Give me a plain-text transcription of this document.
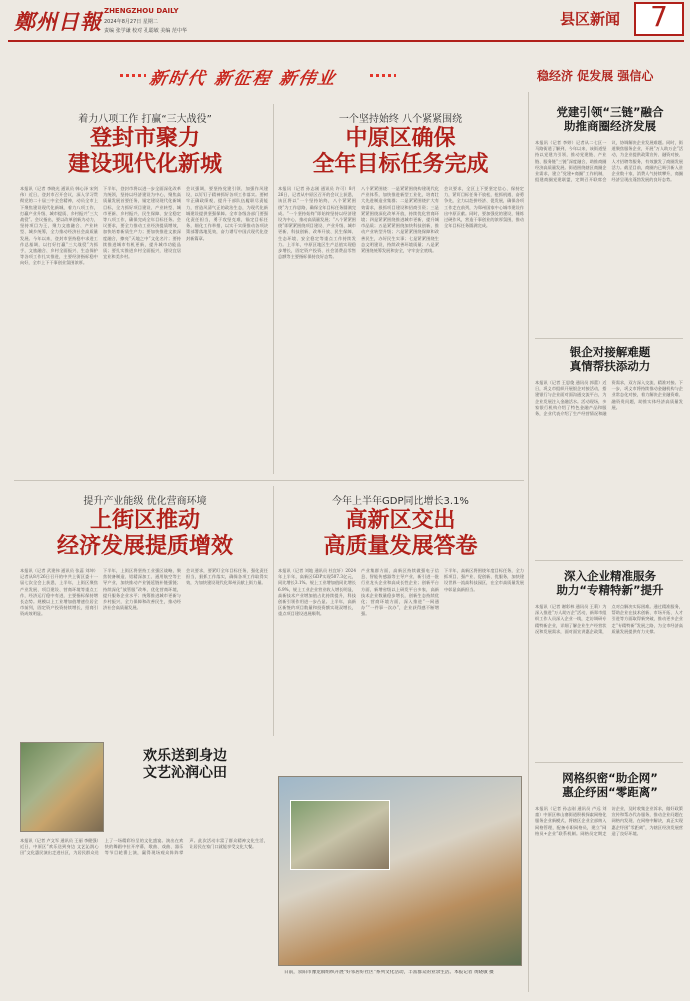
鄭州日報 ZHENGZHOU DAILY
2024年8月27日 星期二
责编 张学谦 校对 孔聪敏 美编 范中华
县区新闻	7
新时代 新征程 新伟业	稳经济 促发展 强信心
着力八项工作 打赢“三大战役”
登封市聚力
建设现代化新城
本报讯（记者 李晓光 通讯员 韩心泽 宋剑伟）近日，登封市召开会议，深入学习贯彻党的二十届三中全会精神，动员全市上下聚焦建设现代化新城，着力八项工作，打赢产业升级、城市提质、乡村振兴“三大战役”。会议指出，要以改革创新为动力，坚持项目为王，聚力文旅融合、产业转型、城乡统筹，全力推动经济社会高质量发展。今年以来，登封市坚持稳中求进工作总基调，以打好打赢“三大战役”为抓手，文旅融合、乡村全面振兴、生态保护等各项工作扎实推进，主要经济指标稳中向好，全市上下干事创业氛围浓厚。
下半年，登封市将以进一步全面深化改革为统领，坚持以经济建设为中心，聚焦高质量发展首要任务，锚定建设现代化新城目标，全力抓好项目建设、产业转型、城市更新、乡村振兴、民生保障、安全稳定等八项工作，确保完成全年目标任务。会议要求，要全力推动工业经济提质增效，加快培育新质生产力；要加快推进文旅深度融合，擦亮“天地之中”文化名片；要持续推进城市有机更新，提升城市功能品质；要扎实推进乡村全面振兴，建设宜居宜业和美乡村。
会议强调，要坚持党建引领、加强作风建设，以钉钉子精神抓好各项工作落实。要树牢正确政绩观，提升干部队伍履职尽责能力，营造风清气正的政治生态，为现代化新城建设提供坚强保障。全市各级各部门要强化责任担当，勇于攻坚克难，锚定目标任务，细化工作举措，以实干实绩推动各项决策部署落地见效，奋力谱写中国式现代化登封新篇章。
一个坚持始终 八个紧紧围绕
中原区确保
全年目标任务完成
本报讯（记者 孙志刚 通讯员 许可）8月26日，记者从中原区召开的会议上获悉，该区将以“一个坚持始终，八个紧紧围绕”为工作思路，确保全年目标任务圆满完成。“一个坚持始终”即始终坚持以经济建设为中心，推动高质量发展；“八个紧紧围绕”即紧紧围绕项目建设、产业升级、城市更新、科技创新、改革开放、民生保障、生态环境、安全稳定等重点工作持续发力。上半年，中原区地区生产总值实现稳步增长，固定资产投资、社会消费品零售总额等主要指标保持良好态势。
八个紧紧围绕：一是紧紧围绕构建现代化产业体系，加快推进新型工业化，培育壮大先进制造业集群；二是紧紧围绕扩大有效需求，狠抓项目建设和招商引资；三是紧紧围绕深化改革开放，持续优化营商环境；四是紧紧围绕推进城市更新，提升城市品质；五是紧紧围绕加快科技创新，推动产业转型升级；六是紧紧围绕保障和改善民生，办好民生实事；七是紧紧围绕生态文明建设，持续改善环境质量；八是紧紧围绕统筹发展和安全，守牢安全底线。
会议要求，全区上下要坚定信心、保持定力，紧盯目标任务不放松，抢抓机遇、奋勇争先，全力以赴拼经济、促发展，确保各项工作走在前列，为郑州国家中心城市建设作出中原贡献。同时，要加强党的建设，锤炼过硬作风，营造干事创业的浓厚氛围，推动全年目标任务圆满完成。
提升产业能级 优化营商环境
上街区推动
经济发展提质增效
本报讯（记者 武建伟 通讯员 张蕊 刘坤）记者从8月26日召开的中共上街区委十一届七次全会上获悉，上半年，上街区聚焦产业发展、项目建设、营商环境等重点工作，经济运行稳中有进，主要指标保持增长态势。规模以上工业增加值增速位居全市前列，固定资产投资持续增长，招商引资成效明显。
下半年，上街区将坚持工业强区战略，聚焦装备制造、铝精深加工、通用航空等主导产业，加快推动产业链延链补链强链；持续深化“放管服”改革，优化营商环境，提升服务企业水平；统筹推进城市更新与乡村振兴，全力保障和改善民生，推动经济社会高质量发展。
会议要求，要紧盯全年目标任务，强化责任担当，狠抓工作落实，确保各项工作取得实效，为加快建设现代化郑州贡献上街力量。
今年上半年GDP同比增长3.1%
高新区交出
高质量发展答卷
本报讯（记者 刘地 通讯员 杜宜轩）2024年上半年，高新区GDP实现507.3亿元，同比增长3.1%。规上工业增加值同比增长6.9%，规上工业企业营业收入增长明显，高新技术产业增加值占比持续提升，科技创新引领作用进一步凸显。上半年，高新区新签约项目数量和投资额实现双增长，重点项目建设进展顺利。
产业集群方面，高新区持续做强电子信息、智能传感器等主导产业，新引进一批行业龙头企业和高成长性企业；创新平台方面，新增省级以上研发平台多家，高新技术企业数量稳步增长，创新生态持续优化；营商环境方面，深入推进“一网通办”“一件事一次办”，企业获得感不断增强。
下半年，高新区将围绕年度目标任务，全力抓项目、强产业、促创新、优服务，加快建设世界一流高科技园区，在全市高质量发展中彰显高新担当。
欢乐送到身边
文艺沁润心田
本报讯（记者 卢文军 通讯员 王丽 李健强）近日，中原区“欢乐送到身边 文艺沁润心田”文化惠民演出走进社区，为居民群众送上了一场精彩纷呈的文化盛宴。演出在欢快的舞蹈中拉开序幕，歌曲、戏曲、器乐等节目轮番上演，赢得现场观众阵阵掌声。此次活动丰富了群众精神文化生活，让居民在家门口就能享受文化大餐。
日前，荥阳市豫龙镇组织开展“好邻居好社区”系列文化活动，丰富群众的业余生活。本报记者 黄晓敏 摄
党建引领“三链”融合
助推商圈经济发展
本报讯（记者 李婷）记者从二七区一马路街道了解到，今年以来，该街道坚持以党建为引领，推动党建链、产业链、服务链“三链”深度融合，助推商圈经济高质量发展。街道围绕辖区商圈企业需求，建立“党建+商圈”工作机制，组建商圈党建联盟，定期召开联席会议，协调解决企业发展难题。同时，街道聚焦服务企业，开展“万人助万企”活动，为企业提供政策宣传、融资对接、人才招聘等服务，有效激发了商圈发展活力。截至目前，商圈内已吸引新入驻企业数十家，消费人气持续攀升，商圈经济呈现出蓬勃发展的良好态势。
银企对接解难题
真情帮扶添动力
本报讯（记者 王思俊 通讯员 郭蕾）近日，巩义市组织开展银企对接活动，搭建银行与企业面对面沟通交流平台，为企业发展注入金融活水。活动现场，多家银行机构介绍了特色金融产品和服务，企业代表介绍了生产经营情况和融资需求，双方深入交流、精准对接。下一步，巩义市将持续推动金融机构与企业常态化对接，着力解决企业融资难、融资贵问题，助推实体经济高质量发展。
深入企业精准服务
助力“专精特新”提升
本报讯（记者 谢彩林 通讯员 王莉）为深入推进“万人助万企”活动，新郑市组织工作人员深入企业一线，走访调研专精特新企业，详细了解企业生产经营状况和发展需求，面对面宣讲惠企政策，点对点解决实际困难。通过精准服务，帮助企业在技术创新、市场开拓、人才引进等方面取得新突破，推动更多企业走“专精特新”发展之路，为全市经济高质量发展提供有力支撑。
网格织密“助企网”
惠企纾困“零距离”
本报讯（记者 孙志刚 通讯员 卢远 刘童）中原区林山寨街道积极探索网格化服务企业新模式，将辖区企业全部纳入网格管理，配备专职网格员，建立“网格员+企业”联系机制。网格员定期走访企业，及时收集企业诉求，做好政策宣传和帮办代办服务，推动企业问题在网格内发现、在网格中解决，真正实现惠企纾困“零距离”，为辖区经济发展营造了良好环境。
